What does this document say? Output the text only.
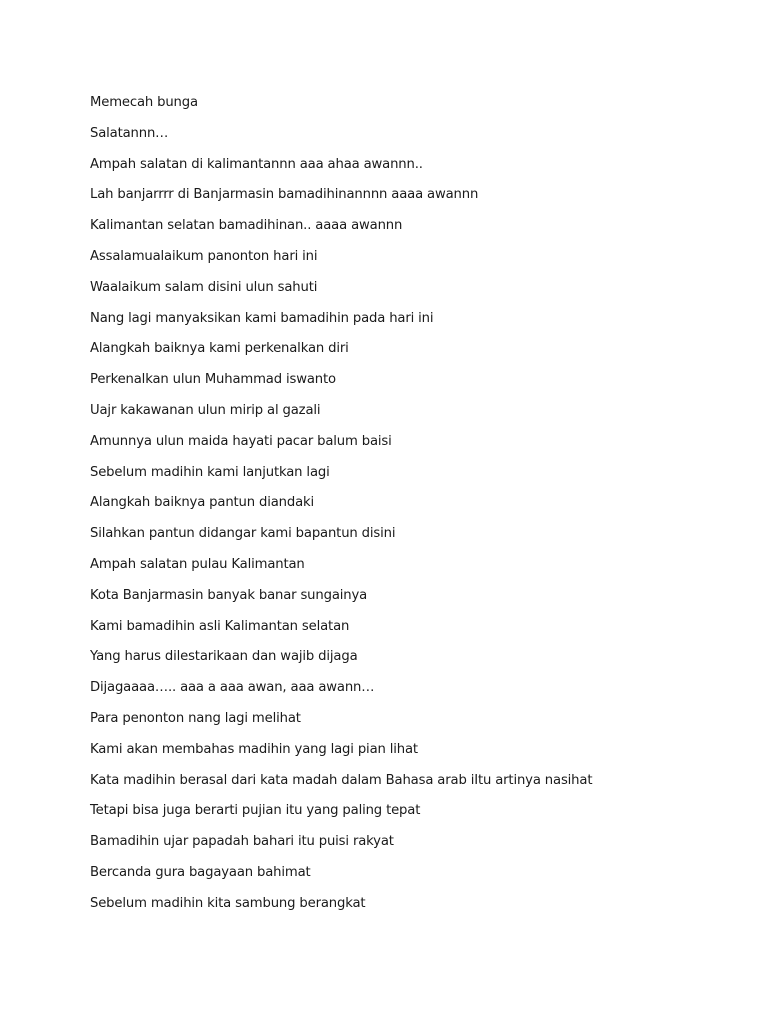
Memecah bunga
Salatannn…
Ampah salatan di kalimantannn aaa ahaa awannn..
Lah banjarrrr di Banjarmasin bamadihinannnn aaaa awannn
Kalimantan selatan bamadihinan.. aaaa awannn
Assalamualaikum panonton hari ini
Waalaikum salam disini ulun sahuti
Nang lagi manyaksikan kami bamadihin pada hari ini
Alangkah baiknya kami perkenalkan diri
Perkenalkan ulun Muhammad iswanto
Uajr kakawanan ulun mirip al gazali
Amunnya ulun maida hayati pacar balum baisi
Sebelum madihin kami lanjutkan lagi
Alangkah baiknya pantun diandaki
Silahkan pantun didangar kami bapantun disini
Ampah salatan pulau Kalimantan
Kota Banjarmasin banyak banar sungainya
Kami bamadihin asli Kalimantan selatan
Yang harus dilestarikaan dan wajib dijaga
Dijagaaaa….. aaa a aaa awan, aaa awann…
Para penonton nang lagi melihat
Kami akan membahas madihin yang lagi pian lihat
Kata madihin berasal dari kata madah dalam Bahasa arab iItu artinya nasihat
Tetapi bisa juga berarti pujian itu yang paling tepat
Bamadihin ujar papadah bahari itu puisi rakyat
Bercanda gura bagayaan bahimat
Sebelum madihin kita sambung berangkat
